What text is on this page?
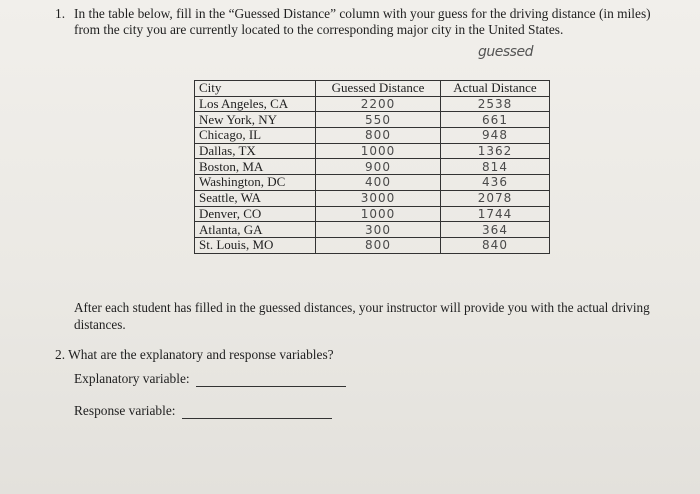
1. In the table below, fill in the “Guessed Distance” column with your guess for the driving distance (in miles) from the city you are currently located to the corresponding major city in the United States.
guessed
City	Guessed Distance	Actual Distance
Los Angeles, CA	2200	2538
New York, NY	550	661
Chicago, IL	800	948
Dallas, TX	1000	1362
Boston, MA	900	814
Washington, DC	400	436
Seattle, WA	3000	2078
Denver, CO	1000	1744
Atlanta, GA	300	364
St. Louis, MO	800	840
After each student has filled in the guessed distances, your instructor will provide you with the actual driving distances.
2. What are the explanatory and response variables?
Explanatory variable:
Response variable:
